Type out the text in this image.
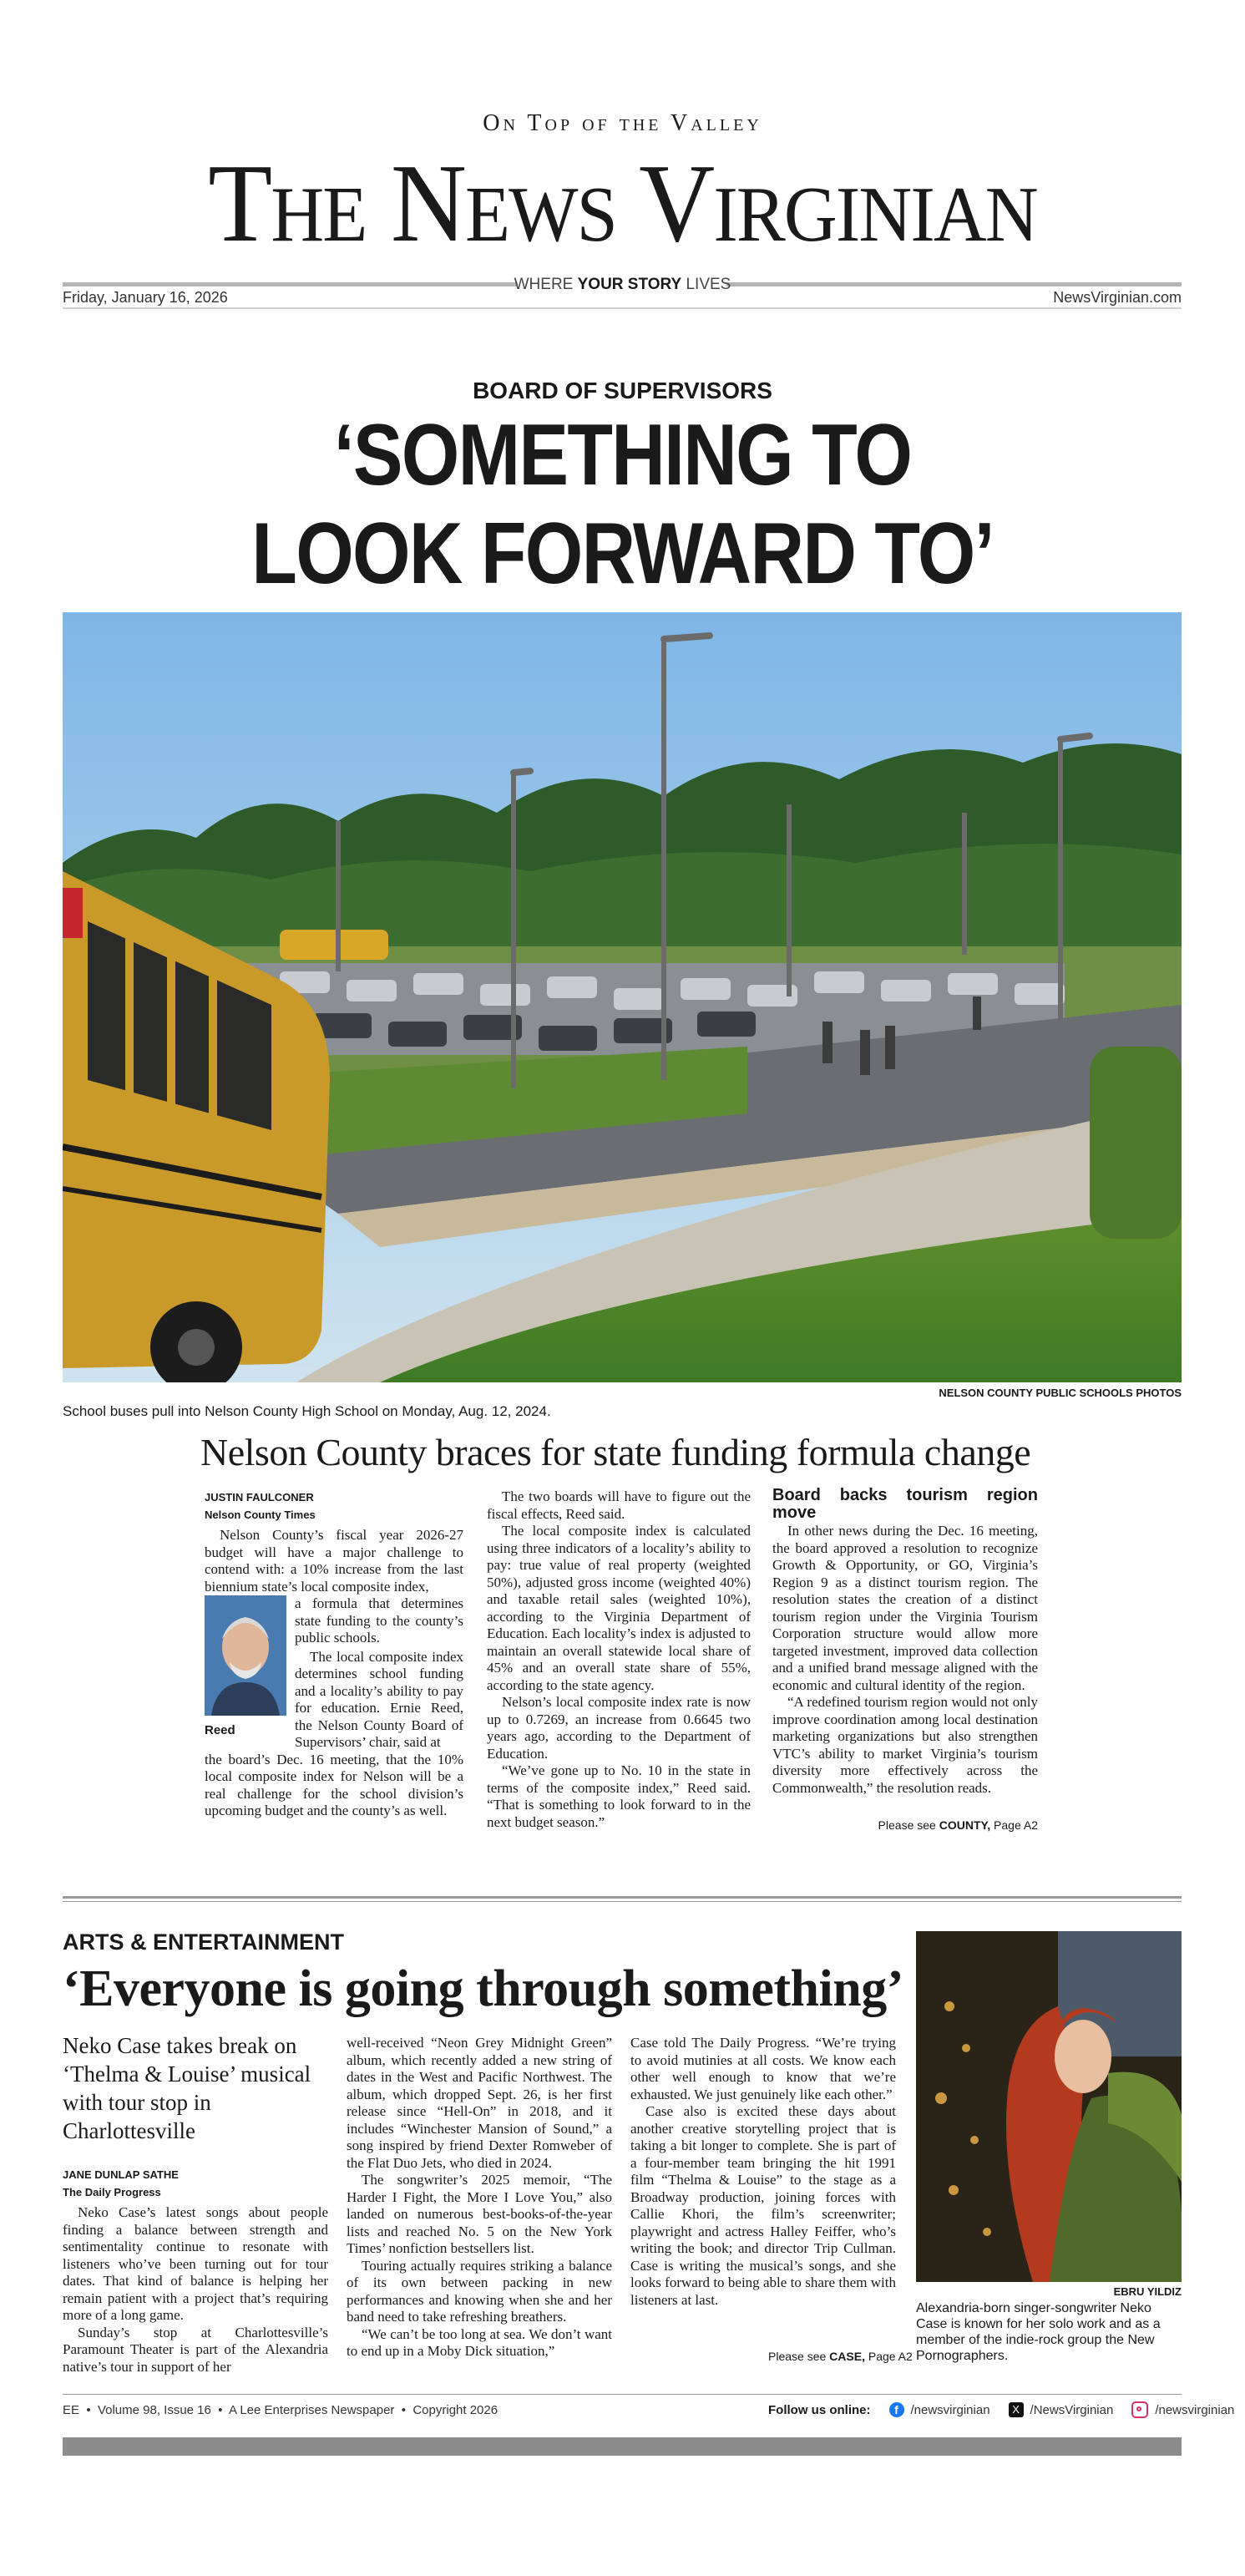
On Top of the Valley
The News Virginian
WHERE YOUR STORY LIVES
Friday, January 16, 2026	NewsVirginian.com
BOARD OF SUPERVISORS
‘SOMETHING TO
LOOK FORWARD TO’
NELSON COUNTY PUBLIC SCHOOLS PHOTOS
School buses pull into Nelson County High School on Monday, Aug. 12, 2024.
Nelson County braces for state funding formula change
JUSTIN FAULCONER
Nelson County Times

Nelson County’s fiscal year 2026-27 budget will have a major challenge to contend with: a 10% increase from the last biennium state’s local composite index,

Reed
a formula that determines state funding to the county’s public schools.

The local composite index determines school funding and a locality’s ability to pay for education. Ernie Reed, the Nelson County Board of Supervisors’ chair, said at

the board’s Dec. 16 meeting, that the 10% local composite index for Nelson will be a real challenge for the school division’s upcoming budget and the county’s as well.

The two boards will have to figure out the fiscal effects, Reed said.

The local composite index is calculated using three indicators of a locality’s ability to pay: true value of real property (weighted 50%), adjusted gross income (weighted 40%) and taxable retail sales (weighted 10%), according to the Virginia Department of Education. Each locality’s index is adjusted to maintain an overall statewide local share of 45% and an overall state share of 55%, according to the state agency.

Nelson’s local composite index rate is now up to 0.7269, an increase from 0.6645 two years ago, according to the Department of Education.

“We’ve gone up to No. 10 in the state in terms of the composite index,” Reed said. “That is something to look forward to in the next budget season.”

Board backs tourism region move

In other news during the Dec. 16 meeting, the board approved a resolution to recognize Growth & Opportunity, or GO, Virginia’s Region 9 as a distinct tourism region. The resolution states the creation of a distinct tourism region under the Virginia Tourism Corporation structure would allow more targeted investment, improved data collection and a unified brand message aligned with the economic and cultural identity of the region.

“A redefined tourism region would not only improve coordination among local destination marketing organizations but also strengthen VTC’s ability to market Virginia’s tourism diversity more effectively across the Commonwealth,” the resolution reads.

Please see COUNTY, Page A2
ARTS & ENTERTAINMENT
‘Everyone is going through something’
Neko Case takes break on ‘Thelma & Louise’ musical with tour stop in Charlottesville
JANE DUNLAP SATHE
The Daily Progress

Neko Case’s latest songs about people finding a balance between strength and sentimentality continue to resonate with listeners who’ve been turning out for tour dates. That kind of balance is helping her remain patient with a project that’s requiring more of a long game.

Sunday’s stop at Charlottesville’s Paramount Theater is part of the Alexandria native’s tour in support of her

well-received “Neon Grey Midnight Green” album, which recently added a new string of dates in the West and Pacific Northwest. The album, which dropped Sept. 26, is her first release since “Hell-On” in 2018, and it includes “Winchester Mansion of Sound,” a song inspired by friend Dexter Romweber of the Flat Duo Jets, who died in 2024.

The songwriter’s 2025 memoir, “The Harder I Fight, the More I Love You,” also landed on numerous best-books-of-the-year lists and reached No. 5 on the New York Times’ nonfiction bestsellers list.

Touring actually requires striking a balance of its own between packing in new performances and knowing when she and her band need to take refreshing breathers.

“We can’t be too long at sea. We don’t want to end up in a Moby Dick situation,”

Case told The Daily Progress. “We’re trying to avoid mutinies at all costs. We know each other well enough to know that we’re exhausted. We just genuinely like each other.”

Case also is excited these days about another creative storytelling project that is taking a bit longer to complete. She is part of a four-member team bringing the hit 1991 film “Thelma & Louise” to the stage as a Broadway production, joining forces with Callie Khori, the film’s screenwriter; playwright and actress Halley Feiffer, who’s writing the book; and director Trip Cullman. Case is writing the musical’s songs, and she looks forward to being able to share them with listeners at last.

Please see CASE, Page A2
EBRU YILDIZ
Alexandria-born singer-songwriter Neko Case is known for her solo work and as a member of the indie-rock group the New Pornographers.
EE  •  Volume 98, Issue 16  •  A Lee Enterprises Newspaper  •  Copyright 2026	Follow us online:	f /newsvirginian	X /NewsVirginian	/newsvirginian
